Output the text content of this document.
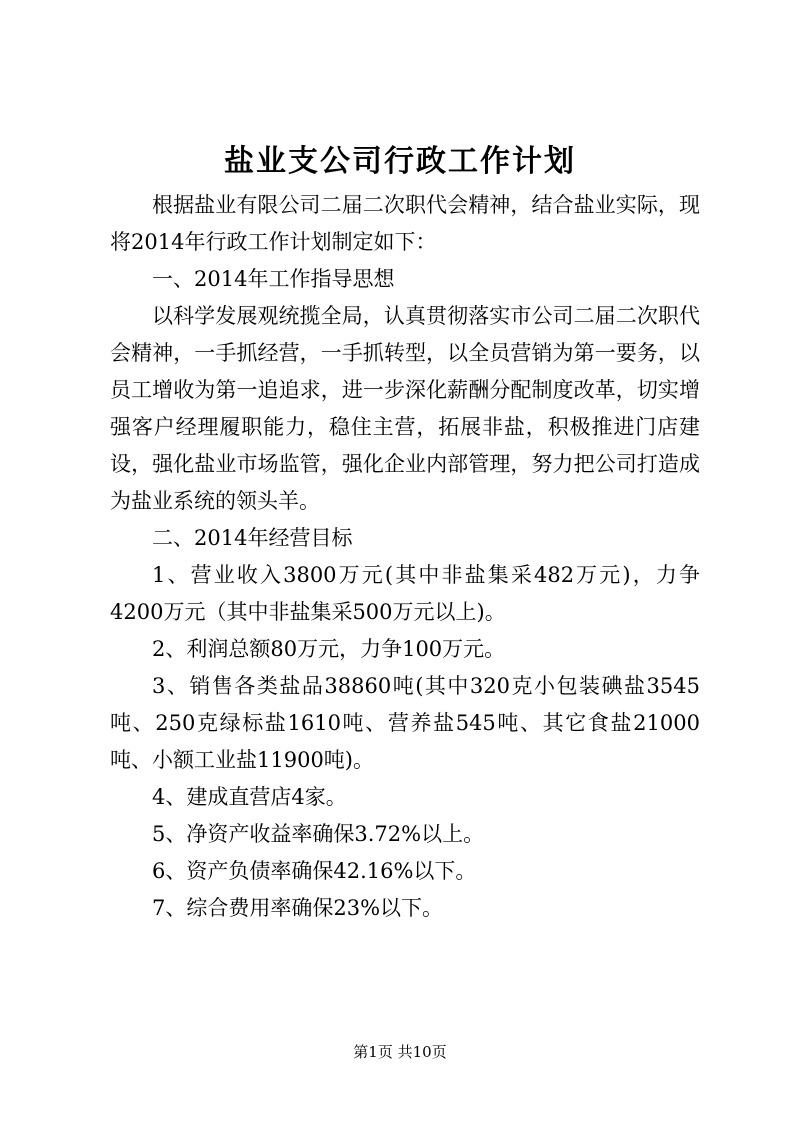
盐业支公司行政工作计划

根据盐业有限公司二届二次职代会精神，结合盐业实际，现将2014年行政工作计划制定如下：

一、2014年工作指导思想

以科学发展观统揽全局，认真贯彻落实市公司二届二次职代会精神，一手抓经营，一手抓转型，以全员营销为第一要务，以员工增收为第一追追求，进一步深化薪酬分配制度改革，切实增强客户经理履职能力，稳住主营，拓展非盐，积极推进门店建设，强化盐业市场监管，强化企业内部管理，努力把公司打造成为盐业系统的领头羊。

二、2014年经营目标

1、营业收入3800万元(其中非盐集采482万元)，力争4200万元（其中非盐集采500万元以上)。

2、利润总额80万元，力争100万元。

3、销售各类盐品38860吨(其中320克小包装碘盐3545吨、250克绿标盐1610吨、营养盐545吨、其它食盐21000吨、小额工业盐11900吨)。

4、建成直营店4家。

5、净资产收益率确保3.72%以上。

6、资产负债率确保42.16%以下。

7、综合费用率确保23%以下。

第1页 共10页
